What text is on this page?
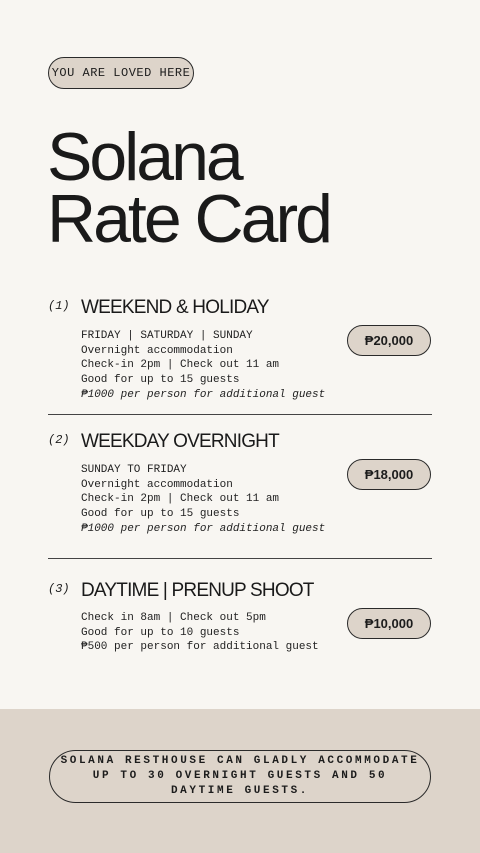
YOU ARE LOVED HERE
Solana
Rate Card
(1) WEEKEND & HOLIDAY
FRIDAY | SATURDAY | SUNDAY
Overnight accommodation
Check-in 2pm | Check out 11 am
Good for up to 15 guests
₱1000 per person for additional guest
₱20,000
(2) WEEKDAY OVERNIGHT
SUNDAY TO FRIDAY
Overnight accommodation
Check-in 2pm | Check out 11 am
Good for up to 15 guests
₱1000 per person for additional guest
₱18,000
(3) DAYTIME | PRENUP SHOOT
Check in 8am | Check out 5pm
Good for up to 10 guests
₱500 per person for additional guest
₱10,000
SOLANA RESTHOUSE CAN GLADLY ACCOMMODATE UP TO 30 OVERNIGHT GUESTS AND 50 DAYTIME GUESTS.
